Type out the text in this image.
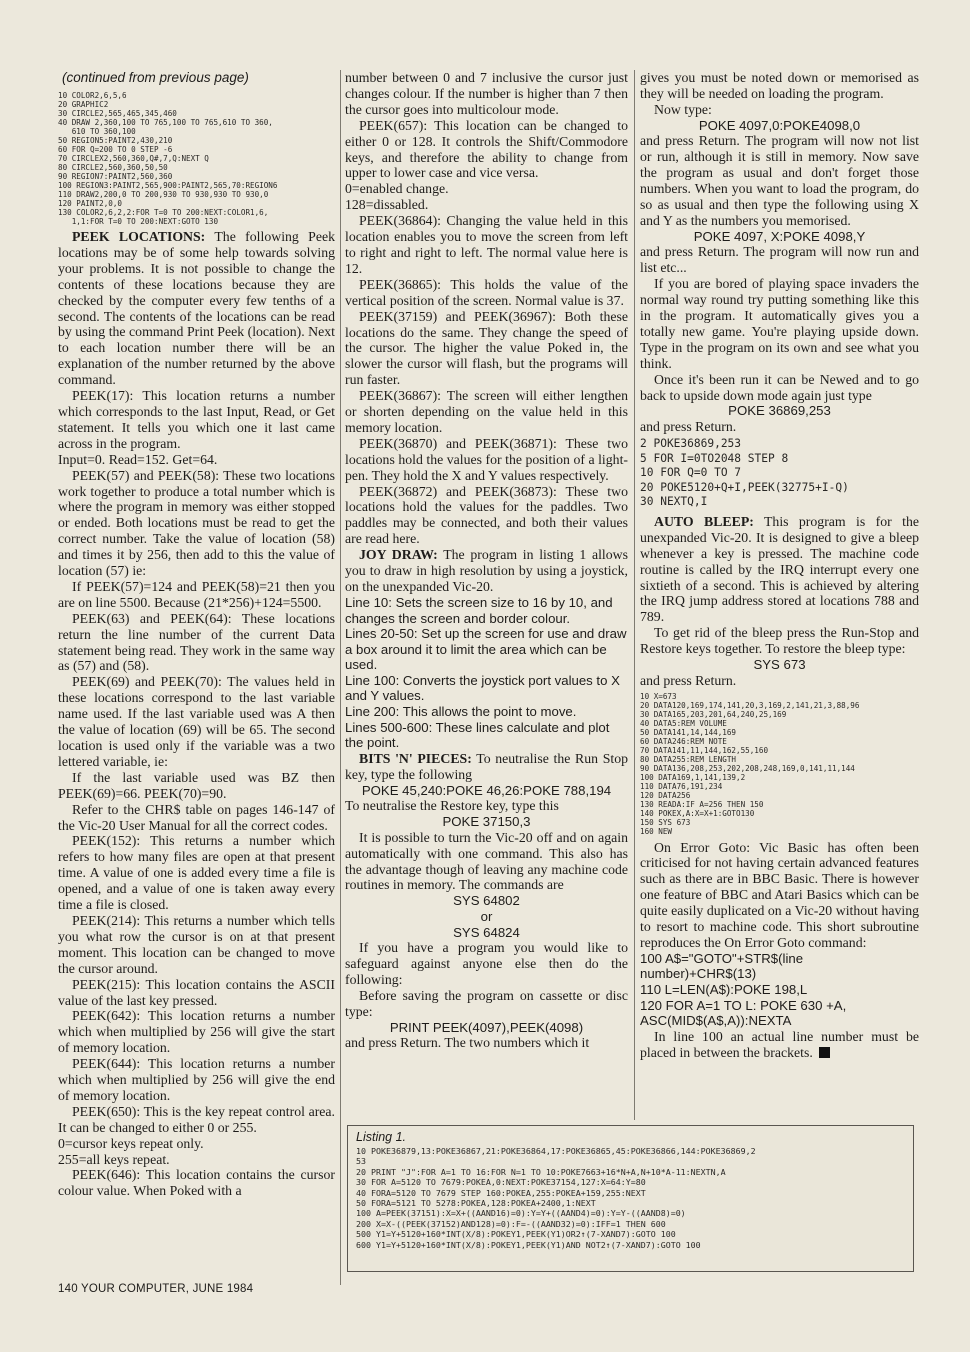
(continued from previous page)
10 COLOR2,6,5,6
20 GRAPHIC2
30 CIRCLE2,565,465,345,460
40 DRAW 2,360,100 TO 765,100 TO 765,610 TO 360,
610 TO 360,100
50 REGION5:PAINT2,430,210
60 FOR Q=200 TO 0 STEP -6
70 CIRCLEX2,560,360,Q#,7,Q:NEXT Q
80 CIRCLE2,560,360,50,50
90 REGION7:PAINT2,560,360
100 REGION3:PAINT2,565,900:PAINT2,565,70:REGION6
110 DRAW2,200,0 TO 200,930 TO 930,930 TO 930,0
120 PAINT2,0,0
130 COLOR2,6,2,2:FOR T=0 TO 200:NEXT:COLOR1,6,
1,1:FOR T=0 TO 200:NEXT:GOTO 130

PEEK LOCATIONS: The following Peek locations may be of some help towards solving your problems. It is not possible to change the contents of these locations because they are checked by the computer every few tenths of a second. The contents of the locations can be read by using the command Print Peek (location). Next to each location number there will be an explanation of the number returned by the above command.

PEEK(17): This location returns a number which corresponds to the last Input, Read, or Get statement. It tells you which one it last came across in the program.

Input=0. Read=152. Get=64.

PEEK(57) and PEEK(58): These two locations work together to produce a total number which is where the program in memory was either stopped or ended. Both locations must be read to get the correct number. Take the value of location (58) and times it by 256, then add to this the value of location (57) ie:

If PEEK(57)=124 and PEEK(58)=21 then you are on line 5500. Because (21*256)+124=5500.

PEEK(63) and PEEK(64): These locations return the line number of the current Data statement being read. They work in the same way as (57) and (58).

PEEK(69) and PEEK(70): The values held in these locations correspond to the last variable name used. If the last variable used was A then the value of location (69) will be 65. The second location is used only if the variable was a two lettered variable, ie:

If the last variable used was BZ then PEEK(69)=66. PEEK(70)=90.

Refer to the CHR$ table on pages 146-147 of the Vic-20 User Manual for all the correct codes.

PEEK(152): This returns a number which refers to how many files are open at that present time. A value of one is added every time a file is opened, and a value of one is taken away every time a file is closed.

PEEK(214): This returns a number which tells you what row the cursor is on at that present moment. This location can be changed to move the cursor around.

PEEK(215): This location contains the ASCII value of the last key pressed.

PEEK(642): This location returns a number which when multiplied by 256 will give the start of memory location.

PEEK(644): This location returns a number which when multiplied by 256 will give the end of memory location.

PEEK(650): This is the key repeat control area. It can be changed to either 0 or 255.

0=cursor keys repeat only.

255=all keys repeat.

PEEK(646): This location contains the cursor colour value. When Poked with a

number between 0 and 7 inclusive the cursor just changes colour. If the number is higher than 7 then the cursor goes into multicolour mode.

PEEK(657): This location can be changed to either 0 or 128. It controls the Shift/Commodore keys, and therefore the ability to change from upper to lower case and vice versa.

0=enabled change.

128=dissabled.

PEEK(36864): Changing the value held in this location enables you to move the screen from left to right and right to left. The normal value here is 12.

PEEK(36865): This holds the value of the vertical position of the screen. Normal value is 37.

PEEK(37159) and PEEK(36967): Both these locations do the same. They change the speed of the cursor. The higher the value Poked in, the slower the cursor will flash, but the programs will run faster.

PEEK(36867): The screen will either lengthen or shorten depending on the value held in this memory location.

PEEK(36870) and PEEK(36871): These two locations hold the values for the position of a light-pen. They hold the X and Y values respectively.

PEEK(36872) and PEEK(36873): These two locations hold the values for the paddles. Two paddles may be connected, and both their values are read here.

JOY DRAW: The program in listing 1 allows you to draw in high resolution by using a joystick, on the unexpanded Vic-20.

Line 10: Sets the screen size to 16 by 10, and changes the screen and border colour.

Lines 20-50: Set up the screen for use and draw a box around it to limit the area which can be used.

Line 100: Converts the joystick port values to X and Y values.

Line 200: This allows the point to move.

Lines 500-600: These lines calculate and plot the point.

BITS 'N' PIECES: To neutralise the Run Stop key, type the following

POKE 45,240:POKE 46,26:POKE 788,194

To neutralise the Restore key, type this

POKE 37150,3

It is possible to turn the Vic-20 off and on again automatically with one command. This also has the advantage though of leaving any machine code routines in memory. The commands are

SYS 64802

or

SYS 64824

If you have a program you would like to safeguard against anyone else then do the following:

Before saving the program on cassette or disc type:

PRINT PEEK(4097),PEEK(4098)

and press Return. The two numbers which it

gives you must be noted down or memorised as they will be needed on loading the program.

Now type:

POKE 4097,0:POKE4098,0

and press Return. The program will now not list or run, although it is still in memory. Now save the program as usual and don't forget those numbers. When you want to load the program, do so as usual and then type the following using X and Y as the numbers you memorised.

POKE 4097, X:POKE 4098,Y

and press Return. The program will now run and list etc...

If you are bored of playing space invaders the normal way round try putting something like this in the program. It automatically gives you a totally new game. You're playing upside down. Type in the program on its own and see what you think.

Once it's been run it can be Newed and to go back to upside down mode again just type

POKE 36869,253

and press Return.

2 POKE36869,253
5 FOR I=0TO2048 STEP 8
10 FOR Q=0 TO 7
20 POKE5120+Q+I,PEEK(32775+I-Q)
30 NEXTQ,I

AUTO BLEEP: This program is for the unexpanded Vic-20. It is designed to give a bleep whenever a key is pressed. The machine code routine is called by the IRQ interrupt every one sixtieth of a second. This is achieved by altering the IRQ jump address stored at locations 788 and 789.

To get rid of the bleep press the Run-Stop and Restore keys together. To restore the bleep type:

SYS 673

and press Return.

10 X=673
20 DATA120,169,174,141,20,3,169,2,141,21,3,88,96
30 DATA165,203,201,64,240,25,169
40 DATA5:REM VOLUME
50 DATA141,14,144,169
60 DATA246:REM NOTE
70 DATA141,11,144,162,55,160
80 DATA255:REM LENGTH
90 DATA136,208,253,202,208,248,169,0,141,11,144
100 DATA169,1,141,139,2
110 DATA76,191,234
120 DATA256
130 READA:IF A=256 THEN 150
140 POKEX,A:X=X+1:GOTO130
150 SYS 673
160 NEW

On Error Goto: Vic Basic has often been criticised for not having certain advanced features such as there are in BBC Basic. There is however one feature of BBC and Atari Basics which can be quite easily duplicated on a Vic-20 without having to resort to machine code. This short subroutine reproduces the On Error Goto command:

100 A$="GOTO"+STR$(line number)+CHR$(13)

110 L=LEN(A$):POKE 198,L

120 FOR A=1 TO L: POKE 630 +A, ASC(MID$(A$,A)):NEXTA

In line 100 an actual line number must be placed in between the brackets.

Listing 1.
10 POKE36879,13:POKE36867,21:POKE36864,17:POKE36865,45:POKE36866,144:POKE36869,2
53
20 PRINT "J":FOR A=1 TO 16:FOR N=1 TO 10:POKE7663+16*N+A,N+10*A-11:NEXTN,A
30 FOR A=5120 TO 7679:POKEA,0:NEXT:POKE37154,127:X=64:Y=80
40 FORA=5120 TO 7679 STEP 160:POKEA,255:POKEA+159,255:NEXT
50 FORA=5121 TO 5278:POKEA,128:POKEA+2400,1:NEXT
100 A=PEEK(37151):X=X+((AAND16)=0):Y=Y+((AAND4)=0):Y=Y-((AAND8)=0)
200 X=X-((PEEK(37152)AND128)=0):F=-((AAND32)=0):IFF=1 THEN 600
500 Y1=Y+5120+160*INT(X/8):POKEY1,PEEK(Y1)OR2↑(7-XAND7):GOTO 100
600 Y1=Y+5120+160*INT(X/8):POKEY1,PEEK(Y1)AND NOT2↑(7-XAND7):GOTO 100
140 YOUR COMPUTER, JUNE 1984
